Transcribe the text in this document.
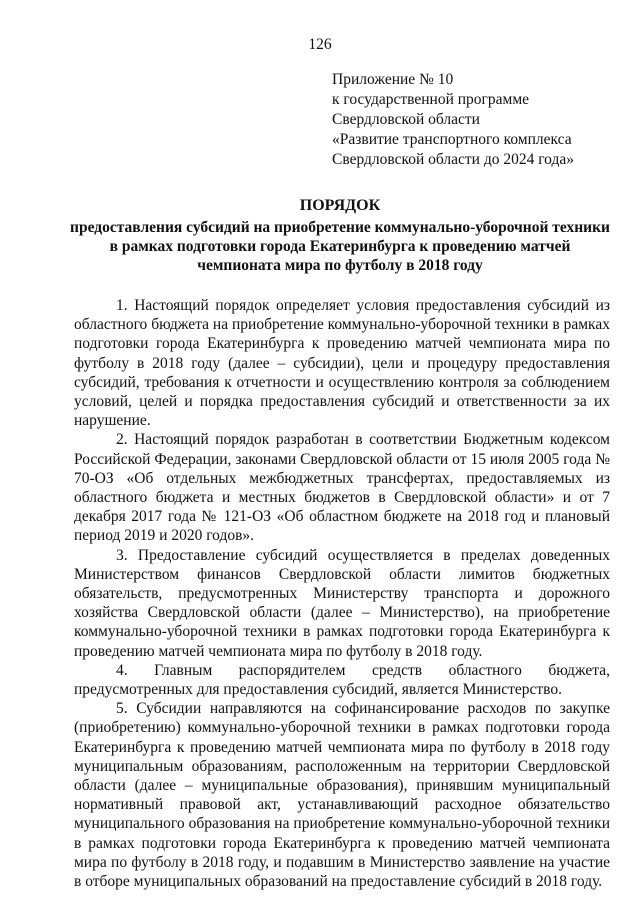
126
Приложение № 10
к государственной программе
Свердловской области
«Развитие транспортного комплекса
Свердловской области до 2024 года»
ПОРЯДОК
предоставления субсидий на приобретение коммунально-уборочной техники
в рамках подготовки города Екатеринбурга к проведению матчей
чемпионата мира по футболу в 2018 году

1. Настоящий порядок определяет условия предоставления субсидий из областного бюджета на приобретение коммунально-уборочной техники в рамках подготовки города Екатеринбурга к проведению матчей чемпионата мира по футболу в 2018 году (далее – субсидии), цели и процедуру предоставления субсидий, требования к отчетности и осуществлению контроля за соблюдением условий, целей и порядка предоставления субсидий и ответственности за их нарушение.

2. Настоящий порядок разработан в соответствии Бюджетным кодексом Российской Федерации, законами Свердловской области от 15 июля 2005 года № 70-ОЗ «Об отдельных межбюджетных трансфертах, предоставляемых из областного бюджета и местных бюджетов в Свердловской области» и от 7 декабря 2017 года № 121-ОЗ «Об областном бюджете на 2018 год и плановый период 2019 и 2020 годов».

3. Предоставление субсидий осуществляется в пределах доведенных Министерством финансов Свердловской области лимитов бюджетных обязательств, предусмотренных Министерству транспорта и дорожного хозяйства Свердловской области (далее – Министерство), на приобретение коммунально-уборочной техники в рамках подготовки города Екатеринбурга к проведению матчей чемпионата мира по футболу в 2018 году.

4. Главным распорядителем средств областного бюджета, предусмотренных для предоставления субсидий, является Министерство.

5. Субсидии направляются на софинансирование расходов по закупке (приобретению) коммунально-уборочной техники в рамках подготовки города Екатеринбурга к проведению матчей чемпионата мира по футболу в 2018 году муниципальным образованиям, расположенным на территории Свердловской области (далее – муниципальные образования), принявшим муниципальный нормативный правовой акт, устанавливающий расходное обязательство муниципального образования на приобретение коммунально-уборочной техники в рамках подготовки города Екатеринбурга к проведению матчей чемпионата мира по футболу в 2018 году, и подавшим в Министерство заявление на участие в отборе муниципальных образований на предоставление субсидий в 2018 году.
